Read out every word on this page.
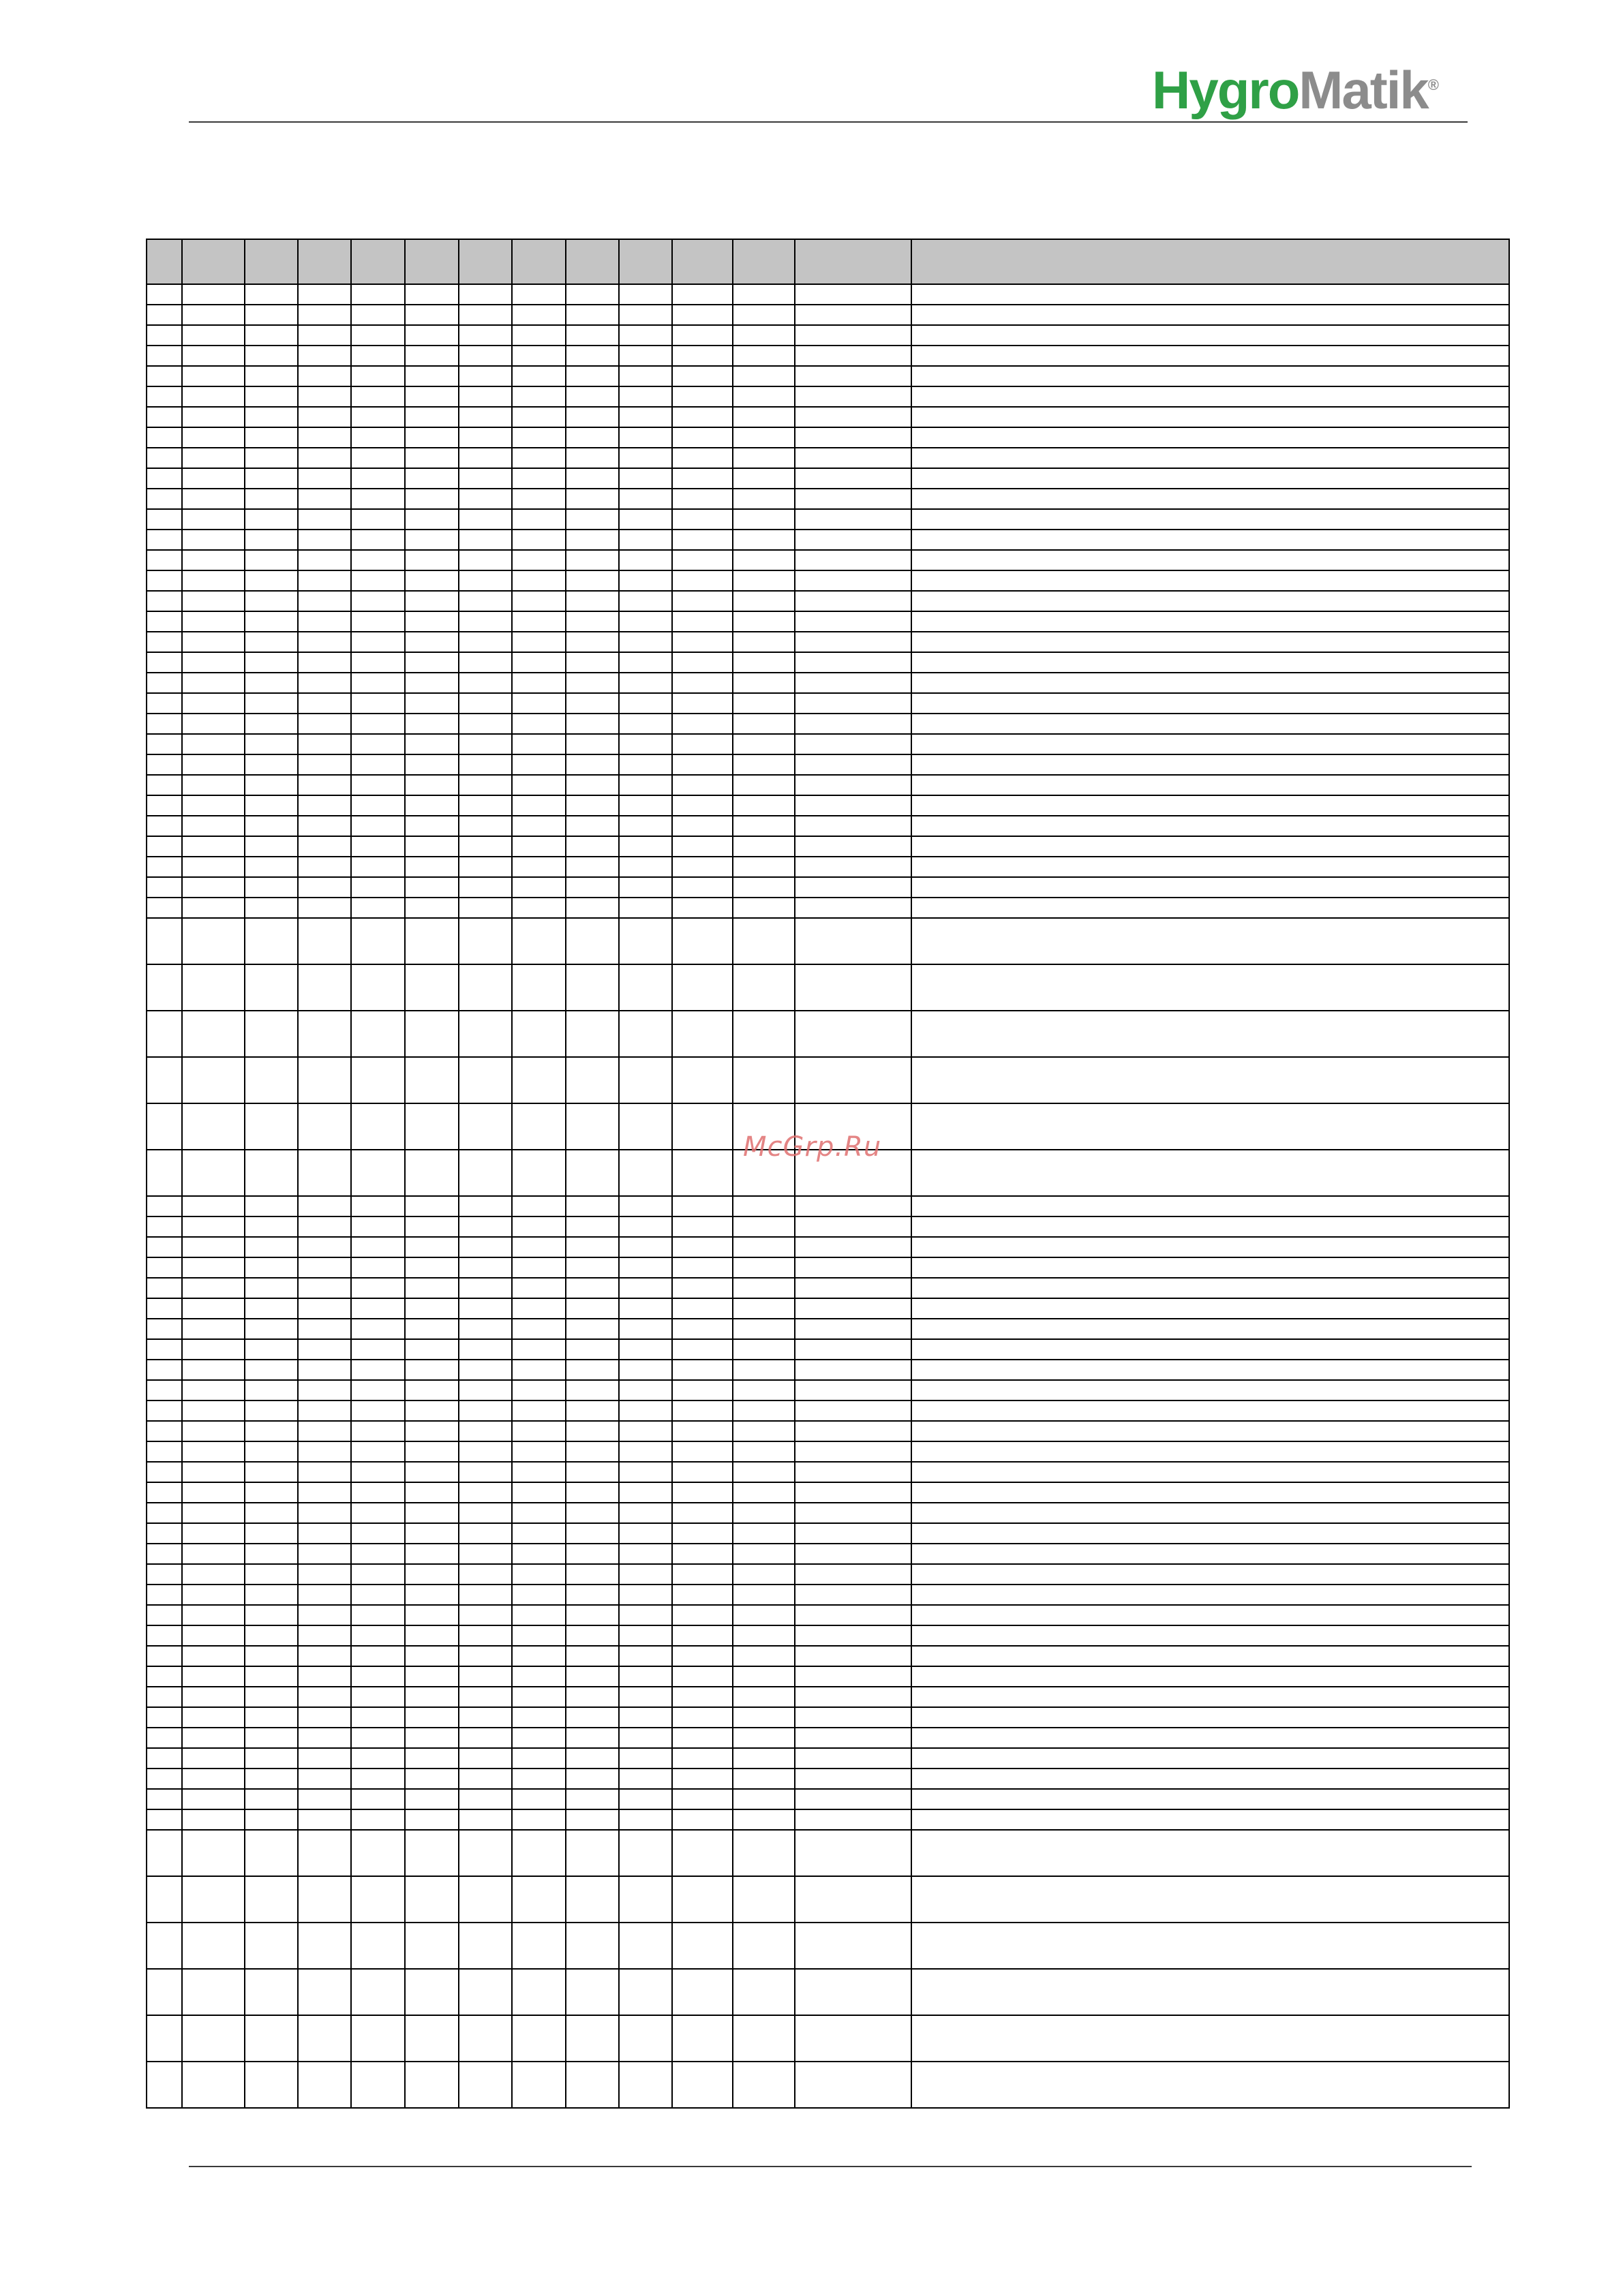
HygroMatik®

McGrp.Ru
